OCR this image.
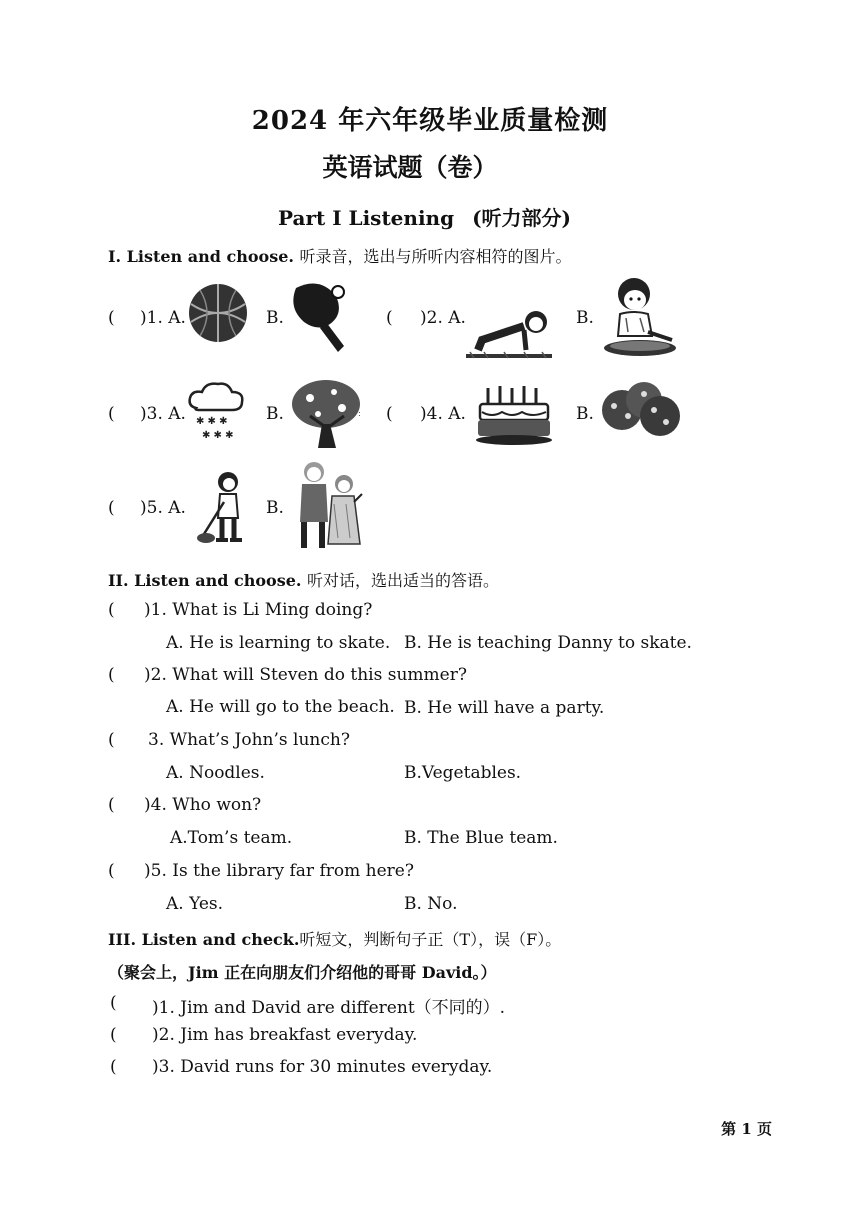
2024 年六年级毕业质量检测
英语试题（卷）
Part I Listening (听力部分)
Ⅰ. Listen and choose. 听录音，选出与所听内容相符的图片。
( )1. A.	B.	( )2. A.	B.
( )3. A. ✱ ✱ ✱
✱ ✱ ✱
B.	: ( )4. A.	B.
( )5. A.	B.
II. Listen and choose. 听对话，选出适当的答语。
( )1. What is Li Ming doing?
A. He is learning to skate. B. He is teaching Danny to skate.
( )2. What will Steven do this summer?
A. He will go to the beach. B. He will have a party.
( 3. What’s John’s lunch?
A. Noodles.	B.Vegetables.
( )4. Who won?
A.Tom’s team.	B. The Blue team.
( )5. Is the library far from here?
A. Yes.	B. No.
III. Listen and check.听短文，判断句子正（T），误（F）。
（聚会上，Jim 正在向朋友们介绍他的哥哥 David。）
( )1. Jim and David are different（不同的）.
( )2. Jim has breakfast everyday.
( )3. David runs for 30 minutes everyday.
第 1 页
